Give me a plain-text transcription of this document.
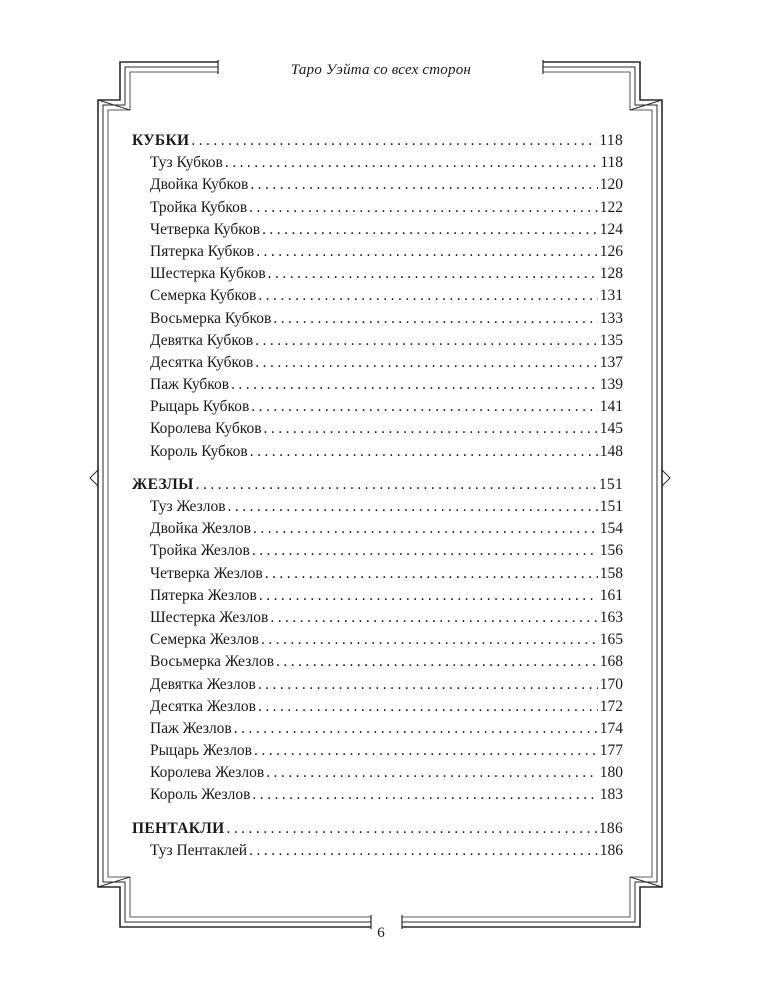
Таро Уэйта со всех сторон
КУБКИ . . .	118
Туз Кубков . . .	118
Двойка Кубков . . .	120
Тройка Кубков . . .	122
Четверка Кубков . . .	124
Пятерка Кубков . . .	126
Шестерка Кубков . . .	128
Семерка Кубков . . .	131
Восьмерка Кубков . . .	133
Девятка Кубков . . .	135
Десятка Кубков . . .	137
Паж Кубков . . .	139
Рыцарь Кубков . . .	141
Королева Кубков . . .	145
Король Кубков . . .	148
ЖЕЗЛЫ . . .	151
Туз Жезлов . . .	151
Двойка Жезлов . . .	154
Тройка Жезлов . . .	156
Четверка Жезлов . . .	158
Пятерка Жезлов . . .	161
Шестерка Жезлов . . .	163
Семерка Жезлов . . .	165
Восьмерка Жезлов . . .	168
Девятка Жезлов . . .	170
Десятка Жезлов . . .	172
Паж Жезлов . . .	174
Рыцарь Жезлов . . .	177
Королева Жезлов . . .	180
Король Жезлов . . .	183
ПЕНТАКЛИ . . .	186
Туз Пентаклей . . .	186
6
